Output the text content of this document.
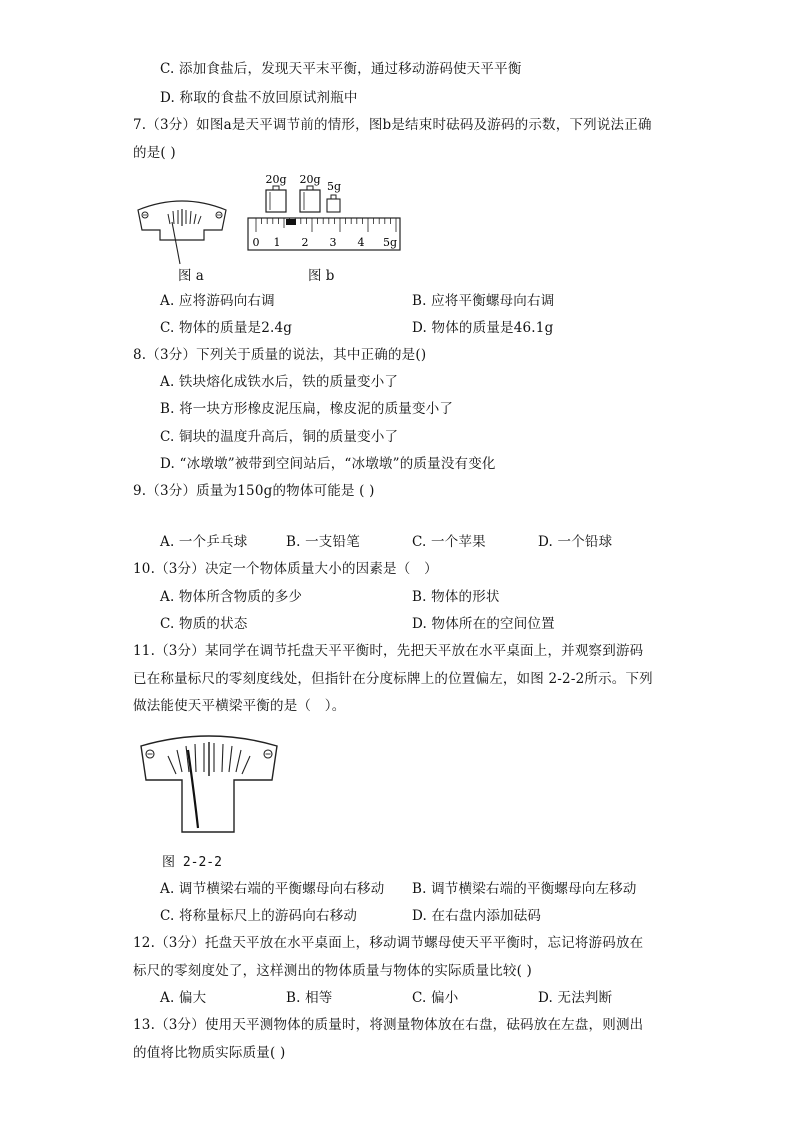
C. 添加食盐后，发现天平末平衡，通过移动游码使天平平衡
D. 称取的食盐不放回原试剂瓶中
7.（3分）如图a是天平调节前的情形，图b是结束时砝码及游码的示数，下列说法正确
的是( )
图 a
20g 20g
5g
0 1 2 3 4 5g
图 b
A. 应将游码向右调	B. 应将平衡螺母向右调
C. 物体的质量是2.4g	D. 物体的质量是46.1g
8.（3分）下列关于质量的说法，其中正确的是()
A. 铁块熔化成铁水后，铁的质量变小了
B. 将一块方形橡皮泥压扁，橡皮泥的质量变小了
C. 铜块的温度升高后，铜的质量变小了
D. “冰墩墩”被带到空间站后，“冰墩墩”的质量没有变化
9.（3分）质量为150g的物体可能是 ( )
A. 一个乒乓球	B. 一支铅笔	C. 一个苹果	D. 一个铅球
10.（3分）决定一个物体质量大小的因素是（　）
A. 物体所含物质的多少	B. 物体的形状
C. 物质的状态	D. 物体所在的空间位置
11.（3分）某同学在调节托盘天平平衡时，先把天平放在水平桌面上，并观察到游码
已在称量标尺的零刻度线处，但指针在分度标牌上的位置偏左，如图 2-2-2所示。下列
做法能使天平横梁平衡的是（　）。
图 2-2-2
A. 调节横梁右端的平衡螺母向右移动 B. 调节横梁右端的平衡螺母向左移动
C. 将称量标尺上的游码向右移动	D. 在右盘内添加砝码
12.（3分）托盘天平放在水平桌面上，移动调节螺母使天平平衡时，忘记将游码放在
标尺的零刻度处了，这样测出的物体质量与物体的实际质量比较( )
A. 偏大	B. 相等	C. 偏小	D. 无法判断
13.（3分）使用天平测物体的质量时，将测量物体放在右盘，砝码放在左盘，则测出
的值将比物质实际质量( )
